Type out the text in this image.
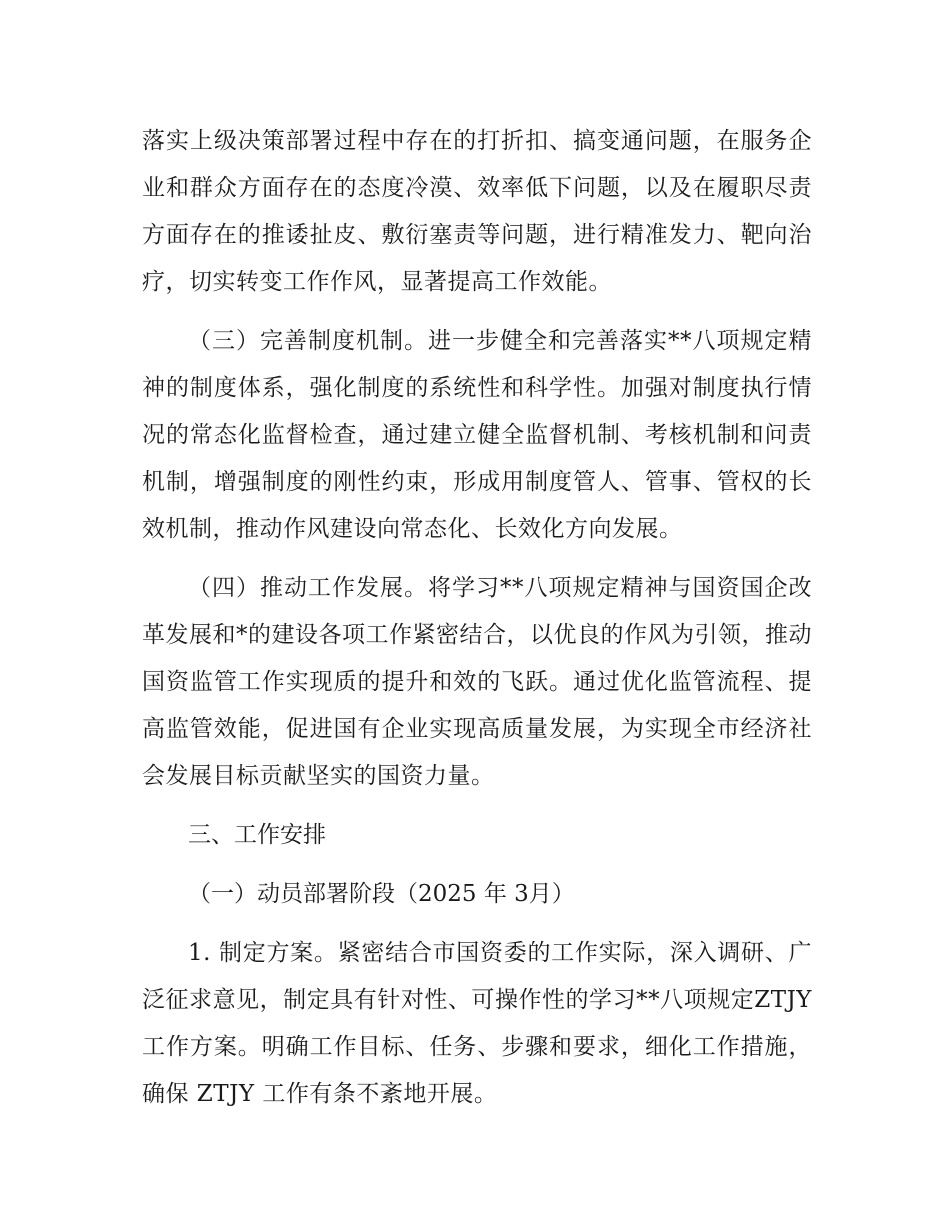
落实上级决策部署过程中存在的打折扣、搞变通问题，在服务企业和群众方面存在的态度冷漠、效率低下问题，以及在履职尽责方面存在的推诿扯皮、敷衍塞责等问题，进行精准发力、靶向治疗，切实转变工作作风，显著提高工作效能。

（三）完善制度机制。进一步健全和完善落实**八项规定精神的制度体系，强化制度的系统性和科学性。加强对制度执行情况的常态化监督检查，通过建立健全监督机制、考核机制和问责机制，增强制度的刚性约束，形成用制度管人、管事、管权的长效机制，推动作风建设向常态化、长效化方向发展。

（四）推动工作发展。将学习**八项规定精神与国资国企改革发展和*的建设各项工作紧密结合，以优良的作风为引领，推动国资监管工作实现质的提升和效的飞跃。通过优化监管流程、提高监管效能，促进国有企业实现高质量发展，为实现全市经济社会发展目标贡献坚实的国资力量。

三、工作安排

（一）动员部署阶段（2025 年 3月）

1. 制定方案。紧密结合市国资委的工作实际，深入调研、广泛征求意见，制定具有针对性、可操作性的学习**八项规定ZTJY 工作方案。明确工作目标、任务、步骤和要求，细化工作措施，确保 ZTJY 工作有条不紊地开展。
